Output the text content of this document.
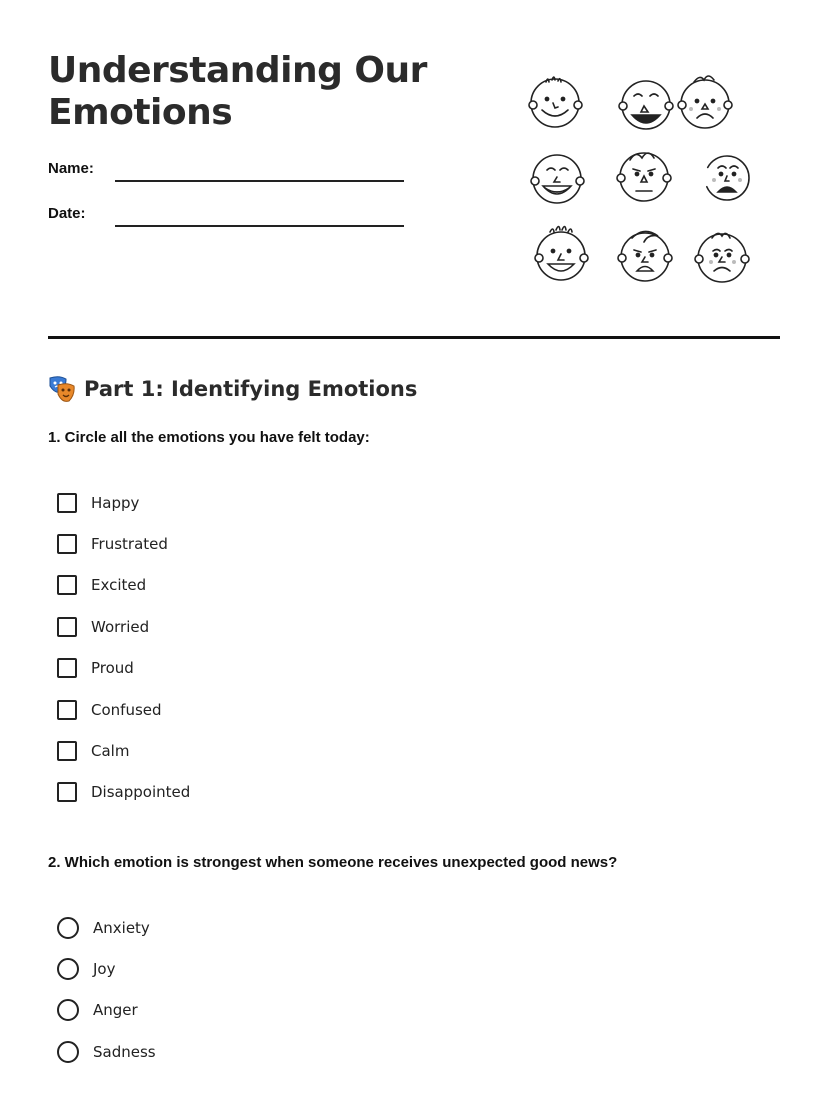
Understanding Our Emotions
Name:
Date:
Part 1: Identifying Emotions
1. Circle all the emotions you have felt today:
Happy
Frustrated
Excited
Worried
Proud
Confused
Calm
Disappointed
2. Which emotion is strongest when someone receives unexpected good news?
Anxiety
Joy
Anger
Sadness
